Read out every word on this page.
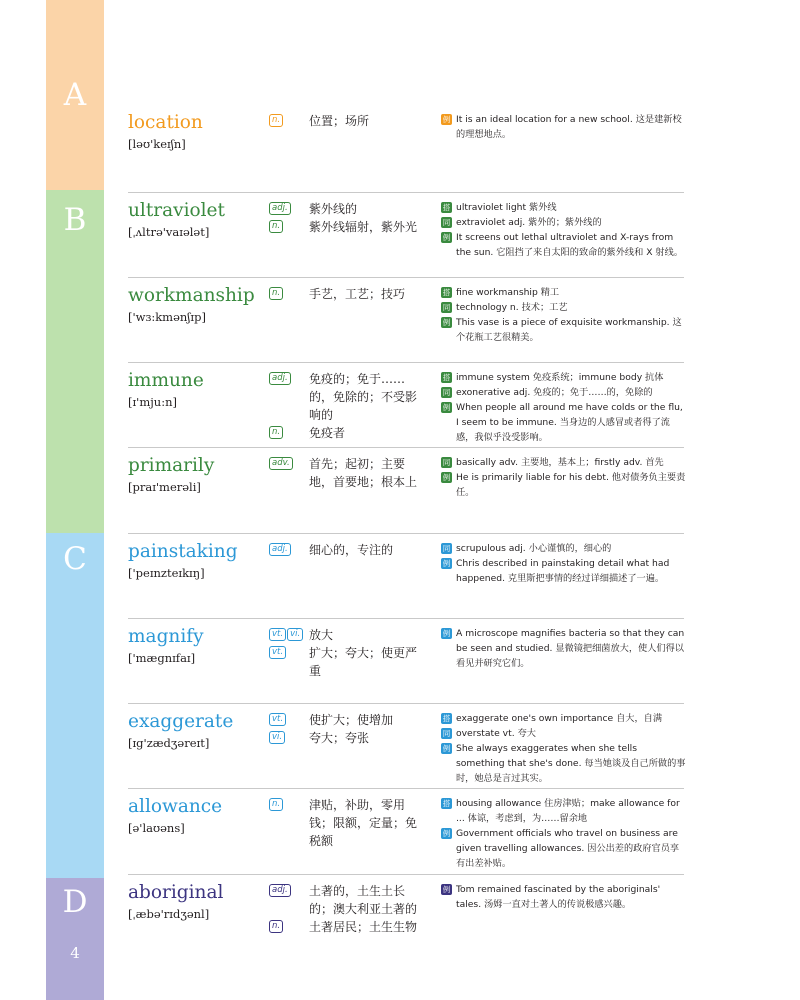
A
B
C
D
4
location
[ləʊ'keɪʃn]
n. 位置；场所	例 It is an ideal location for a new school. 这是建新校的理想地点。
ultraviolet
[ˌʌltrə'vaɪələt]
adj. 紫外线的
n. 紫外线辐射，紫外光
搭 ultraviolet light 紫外线
同 extraviolet adj. 紫外的；紫外线的
例 It screens out lethal ultraviolet and X-rays from the sun. 它阻挡了来自太阳的致命的紫外线和 X 射线。
workmanship
['wɜ:kmənʃɪp]
n. 手艺，工艺；技巧	搭 fine workmanship 精工
同 technology n. 技术；工艺
例 This vase is a piece of exquisite workmanship. 这个花瓶工艺很精美。
immune
[ɪ'mju:n]
adj. 免疫的；免于……的，免除的；不受影响的
n. 免疫者
搭 immune system 免疫系统；immune body 抗体
同 exonerative adj. 免疫的；免于……的，免除的
例 When people all around me have colds or the flu, I seem to be immune. 当身边的人感冒或者得了流感，我似乎没受影响。
primarily
[praɪ'merəli]
adv. 首先；起初；主要地，首要地；根本上
同 basically adv. 主要地，基本上；firstly adv. 首先
例 He is primarily liable for his debt. 他对债务负主要责任。
painstaking
['peɪnzteɪkɪŋ]
adj. 细心的，专注的	同 scrupulous adj. 小心谨慎的，细心的
例 Chris described in painstaking detail what had happened. 克里斯把事情的经过详细描述了一遍。
magnify
['mægnɪfaɪ]
vt. vi. 放大
vt. 扩大；夸大；使更严重
例 A microscope magnifies bacteria so that they can be seen and studied. 显微镜把细菌放大，使人们得以看见并研究它们。
exaggerate
[ɪg'zædʒəreɪt]
vt. 使扩大；使增加
vi. 夸大；夸张
搭 exaggerate one's own importance 自大，自满
同 overstate vt. 夸大
例 She always exaggerates when she tells something that she's done. 每当她谈及自己所做的事时，她总是言过其实。
allowance
[ə'laʊəns]
n. 津贴，补助，零用钱；限额，定量；免税额
搭 housing allowance 住房津贴；make allowance for ... 体谅，考虑到，为……留余地
例 Government officials who travel on business are given travelling allowances. 因公出差的政府官员享有出差补贴。
aboriginal
[ˌæbə'rɪdʒənl]
adj. 土著的，土生土长的；澳大利亚土著的
n. 土著居民；土生生物
例 Tom remained fascinated by the aboriginals' tales. 汤姆一直对土著人的传说极感兴趣。
